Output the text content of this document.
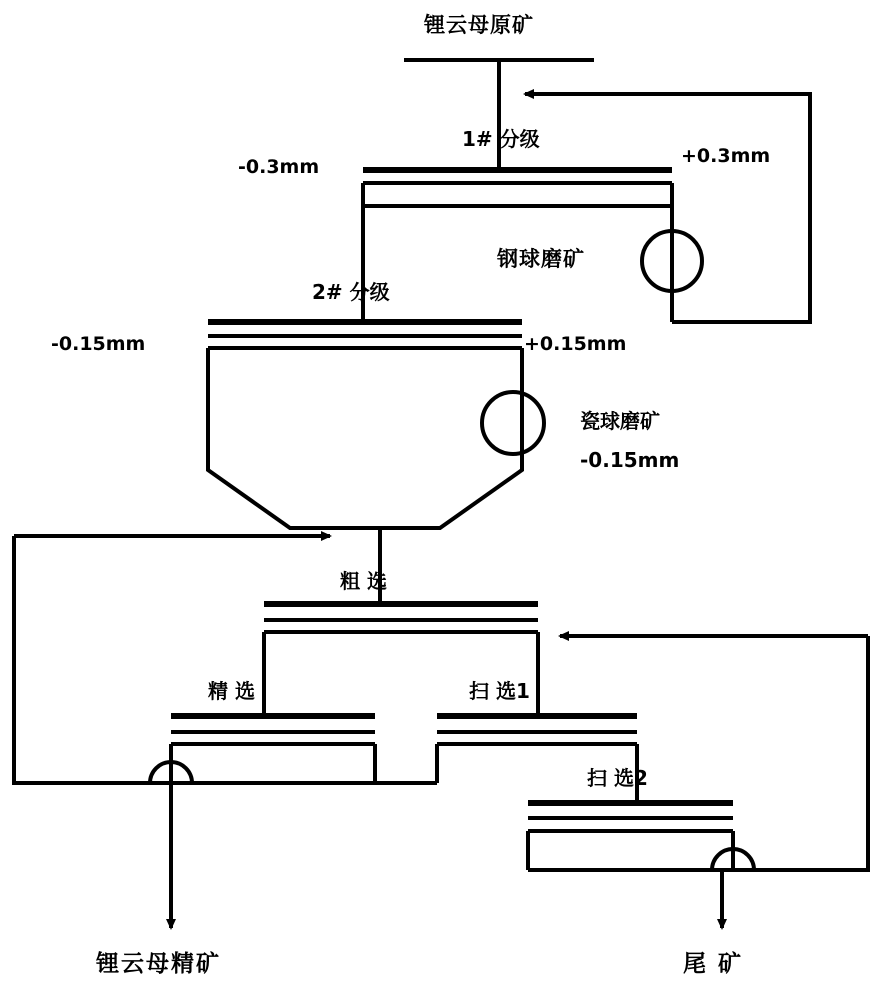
锂云母原矿
1# 分级
-0.3mm	+0.3mm
钢球磨矿
2# 分级
-0.15mm	+0.15mm
瓷球磨矿
-0.15mm
粗 选
精 选	扫 选1
扫 选2
锂云母精矿	尾 矿
